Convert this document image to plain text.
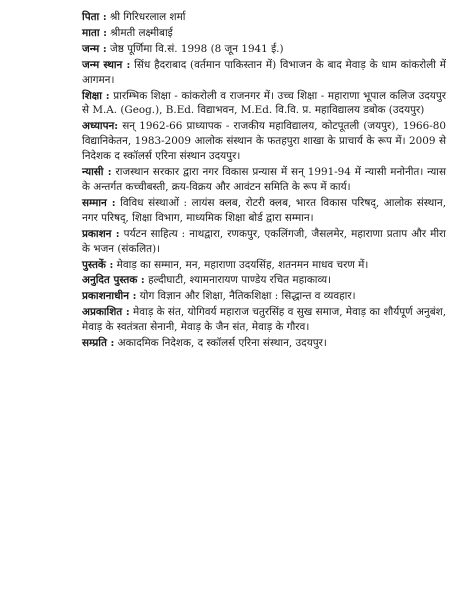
पिता : श्री गिरिधरलाल शर्मा
माता : श्रीमती लक्ष्मीबाई
जन्म : जेष्ठ पूर्णिमा वि.सं. 1998 (8 जून 1941 ई.)
जन्म स्थान : सिंध हैदराबाद (वर्तमान पाकिस्तान में) विभाजन के बाद मेवाड़ के धाम कांकरोली में आगमन।
शिक्षा : प्रारम्भिक शिक्षा - कांकरोली व राजनगर में। उच्च शिक्षा - महाराणा भूपाल कलिज उदयपुर से M.A. (Geog.), B.Ed. विद्याभवन, M.Ed. वि.वि. प्र. महाविद्यालय डबोक (उदयपुर)
अध्यापन: सन् 1962-66 प्राध्यापक - राजकीय महाविद्यालय, कोटपूतली (जयपुर), 1966-80 विद्यानिकेतन, 1983-2009 आलोक संस्थान के फतहपुरा शाखा के प्राचार्य के रूप में। 2009 से निदेशक द स्कॉलर्स एरिना संस्थान उदयपुर।
न्यासी : राजस्थान सरकार द्वारा नगर विकास प्रन्यास में सन् 1991-94 में न्यासी मनोनीत। न्यास के अन्तर्गत कच्चीबस्ती, क्रय-विक्रय और आवंटन समिति के रूप में कार्य।
सम्मान : विविध संस्थाओं : लायंस क्लब, रोटरी क्लब, भारत विकास परिषद्, आलोक संस्थान, नगर परिषद्, शिक्षा विभाग, माध्यमिक शिक्षा बोर्ड द्वारा सम्मान।
प्रकाशन : पर्यटन साहित्य : नाथद्वारा, रणकपुर, एकलिंगजी, जैसलमेर, महाराणा प्रताप और मीरा के भजन (संकलित)।
पुस्तकें : मेवाड़ का सम्मान, मन, महाराणा उदयसिंह, शतनमन माधव चरण में।
अनुदित पुस्तक : हल्दीघाटी, श्यामनारायण पाण्डेय रचित महाकाव्य।
प्रकाशनाधीन : योग विज्ञान और शिक्षा, नैतिकशिक्षा : सिद्धान्त व व्यवहार।
अप्रकाशित : मेवाड़ के संत, योगिवर्य महाराज चतुरसिंह व सुख समाज, मेवाड़ का शौर्यपूर्ण अनुबंश, मेवाड़ के स्वतंत्रता सेनानी, मेवाड़ के जैन संत, मेवाड़ के गौरव।
सम्प्रति : अकादमिक निदेशक, द स्कॉलर्स एरिना संस्थान, उदयपुर।
